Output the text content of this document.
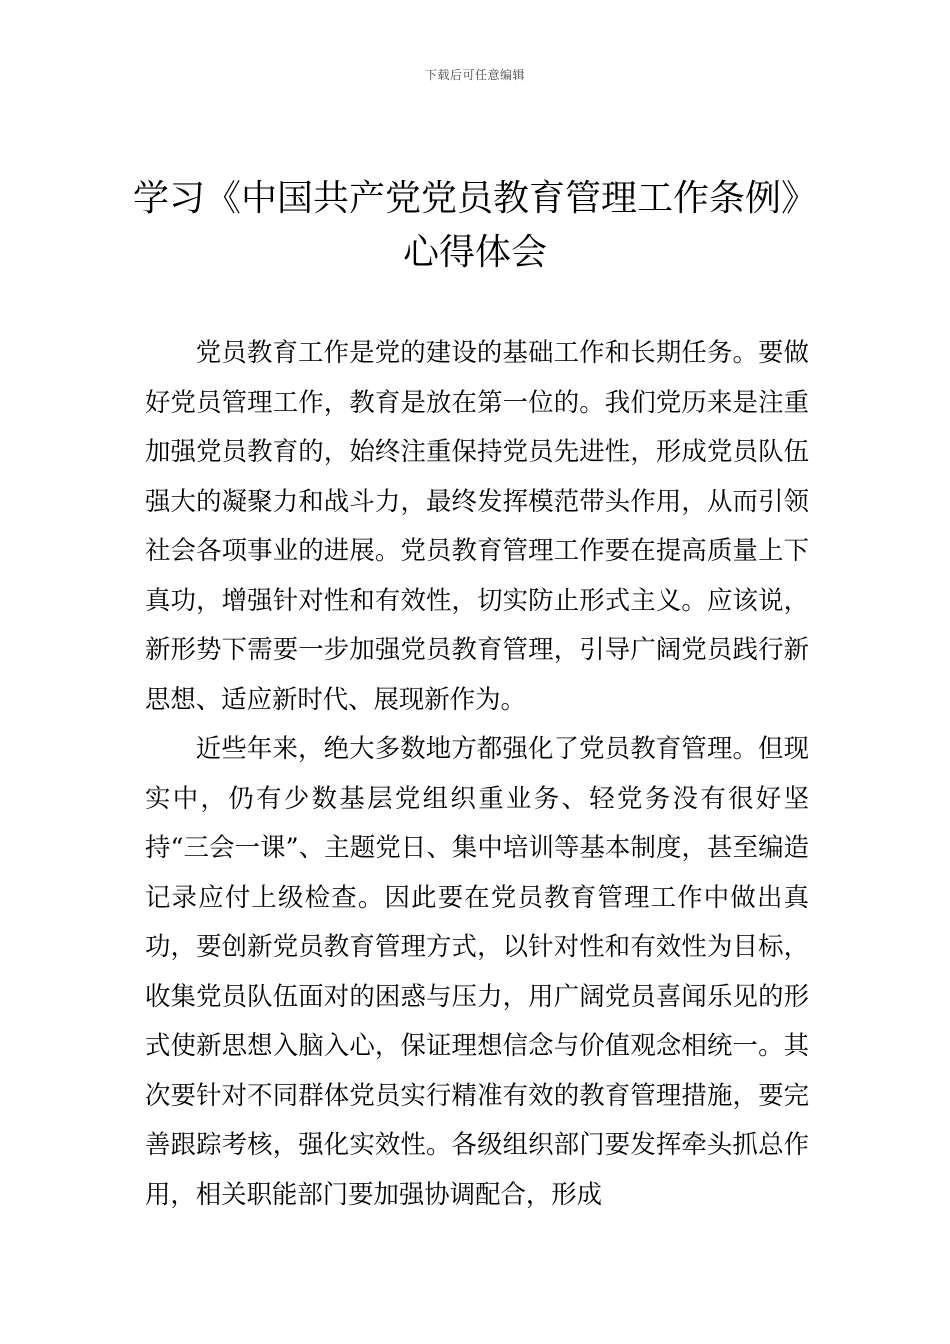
下载后可任意编辑
学习《中国共产党党员教育管理工作条例》心得体会

党员教育工作是党的建设的基础工作和长期任务。要做好党员管理工作，教育是放在第一位的。我们党历来是注重加强党员教育的，始终注重保持党员先进性，形成党员队伍强大的凝聚力和战斗力，最终发挥模范带头作用，从而引领社会各项事业的进展。党员教育管理工作要在提高质量上下真功，增强针对性和有效性，切实防止形式主义。应该说，新形势下需要一步加强党员教育管理，引导广阔党员践行新思想、适应新时代、展现新作为。

近些年来，绝大多数地方都强化了党员教育管理。但现实中，仍有少数基层党组织重业务、轻党务没有很好坚持“三会一课”、主题党日、集中培训等基本制度，甚至编造记录应付上级检查。因此要在党员教育管理工作中做出真功，要创新党员教育管理方式，以针对性和有效性为目标，收集党员队伍面对的困惑与压力，用广阔党员喜闻乐见的形式使新思想入脑入心，保证理想信念与价值观念相统一。其次要针对不同群体党员实行精准有效的教育管理措施，要完善跟踪考核，强化实效性。各级组织部门要发挥牵头抓总作用，相关职能部门要加强协调配合，形成
